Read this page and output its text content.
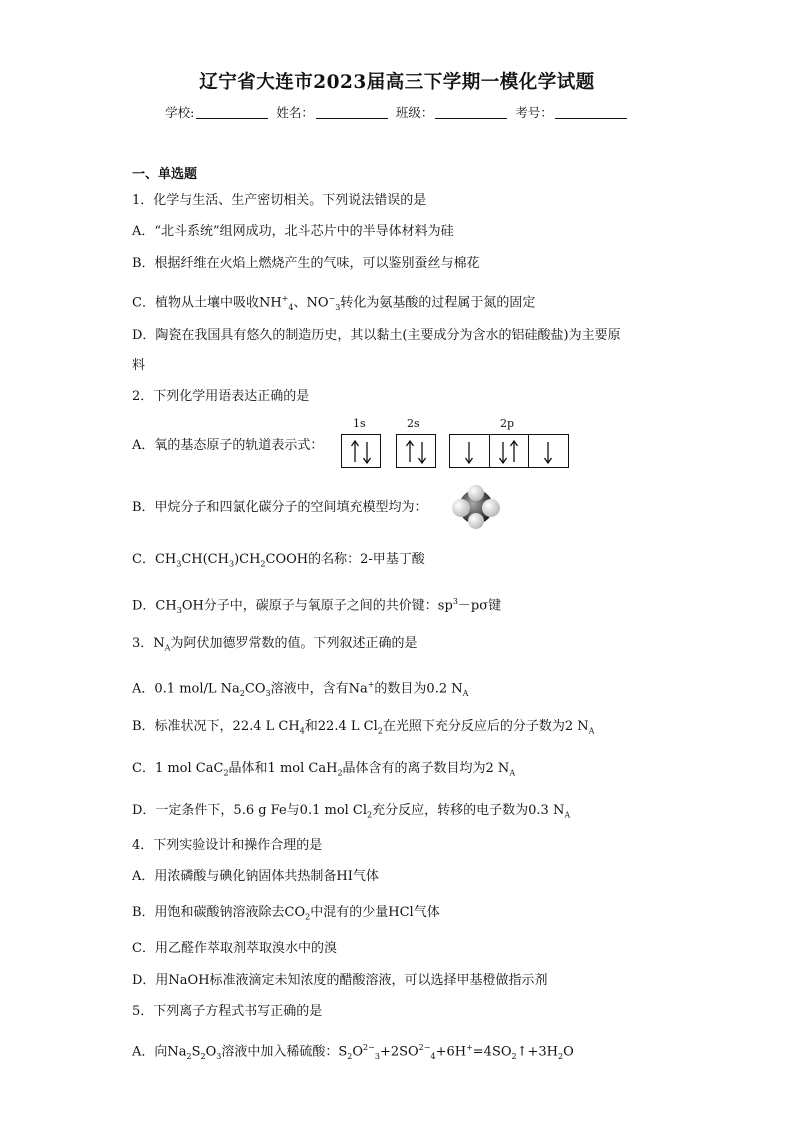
辽宁省大连市2023届高三下学期一模化学试题
学校:	姓名：	班级：	考号：
一、单选题
1．化学与生活、生产密切相关。下列说法错误的是
A．“北斗系统”组网成功，北斗芯片中的半导体材料为硅
B．根据纤维在火焰上燃烧产生的气味，可以鉴别蚕丝与棉花
C．植物从土壤中吸收$NH^+_4$、$NO^-_3$转化为氨基酸的过程属于氮的固定
D．陶瓷在我国具有悠久的制造历史，其以黏土(主要成分为含水的铝硅酸盐)为主要原
料
2．下列化学用语表达正确的是
1s	2s	2p
A．氧的基态原子的轨道表示式：
B．甲烷分子和四氯化碳分子的空间填充模型均为：
C．$CH_3CH(CH_3)CH_2COOH$的名称：2-甲基丁酸
D．$CH_3OH$分子中，碳原子与氧原子之间的共价键：$sp^3-p\sigma$键
3．$N_A$为阿伏加德罗常数的值。下列叙述正确的是
A．0.1 mol/L $Na_2CO_3$溶液中，含有Na+的数目为0.2 $N_A$
B．标准状况下，22.4 L $CH_4$和22.4 L $Cl_2$在光照下充分反应后的分子数为2 $N_A$
C．1 mol CaC$_2$晶体和1 mol CaH$_2$晶体含有的离子数目均为2 $N_A$
D．一定条件下，5.6 g Fe与0.1 mol $Cl_2$充分反应，转移的电子数为0.3 $N_A$
4．下列实验设计和操作合理的是
A．用浓磷酸与碘化钠固体共热制备HI气体
B．用饱和碳酸钠溶液除去$CO_2$中混有的少量HCl气体
C．用乙醛作萃取剂萃取溴水中的溴
D．用NaOH标准液滴定未知浓度的醋酸溶液，可以选择甲基橙做指示剂
5．下列离子方程式书写正确的是
A．向$Na_2S_2O_3$溶液中加入稀硫酸：$S_2O^{2-}_3+2SO^{2-}_4+6H^+=4SO_2↑+3H_2O$
